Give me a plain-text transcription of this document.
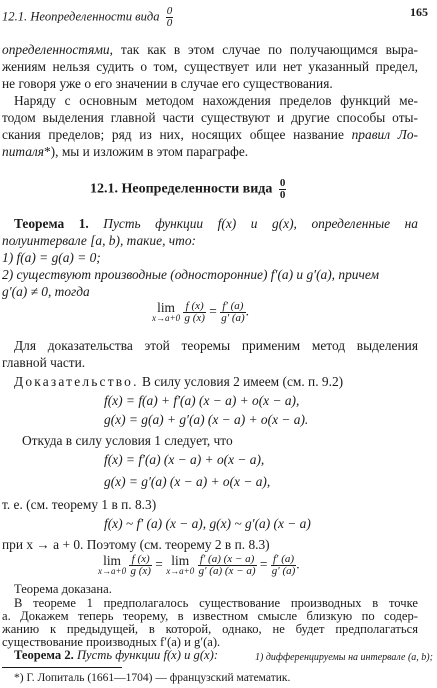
12.1. Неопределенности вида $\frac{0}{0}$	165
определенностями, так как в этом случае по получающимся выра-
жениям нельзя судить о том, существует или нет указанный предел,
не говоря уже о его значении в случае его существования.
Наряду с основным методом нахождения пределов функций ме-
тодом выделения главной части существуют и другие способы оты-
скания пределов; ряд из них, носящих общее название правил Ло-
питаля*), мы и изложим в этом параграфе.
12.1. Неопределенности вида $\frac{0}{0}$
Теорема 1. Пусть функции f(x) и g(x), определенные на
полуинтервале [a, b), такие, что:
1) f(a) = g(a) = 0;
2) существуют производные (односторонние) f′(a) и g′(a), причем
g′(a) ≠ 0, тогда
lim
x→a+0
$\frac{f (x)}{g (x)} = \frac{f' (a)}{g' (a)}$ .
Для доказательства этой теоремы применим метод выделения
главной части.
Доказательство. В силу условия 2 имеем (см. п. 9.2)
f(x) = f(a) + f′(a) (x − a) + o(x − a),
g(x) = g(a) + g′(a) (x − a) + o(x − a).
Откуда в силу условия 1 следует, что
f(x) = f′(a) (x − a) + o(x − a),
g(x) = g′(a) (x − a) + o(x − a),
т. е. (см. теорему 1 в п. 8.3)
f(x) ~ f′ (a) (x − a), g(x) ~ g′(a) (x − a)
при x → a + 0. Поэтому (см. теорему 2 в п. 8.3)
lim
x→a+0
$\frac{f (x)}{g (x)} = \lim$
x→a+0
$\frac{f' (a) (x - a)}{g' (a) (x - a)} = \frac{f' (a)}{g' (a)}$ .
Теорема доказана.
В теореме 1 предполагалось существование производных в точке
a. Докажем теперь теорему, в известном смысле близкую по содер-
жанию к предыдущей, в которой, однако, не будет предполагаться
существование производных f′(a) и g′(a).
*) Г. Лопиталь (1661—1704) — французский математик.
Теорема 2. Пусть функции f(x) и g(x):	1) дифференцируемы на интервале (a, b);
